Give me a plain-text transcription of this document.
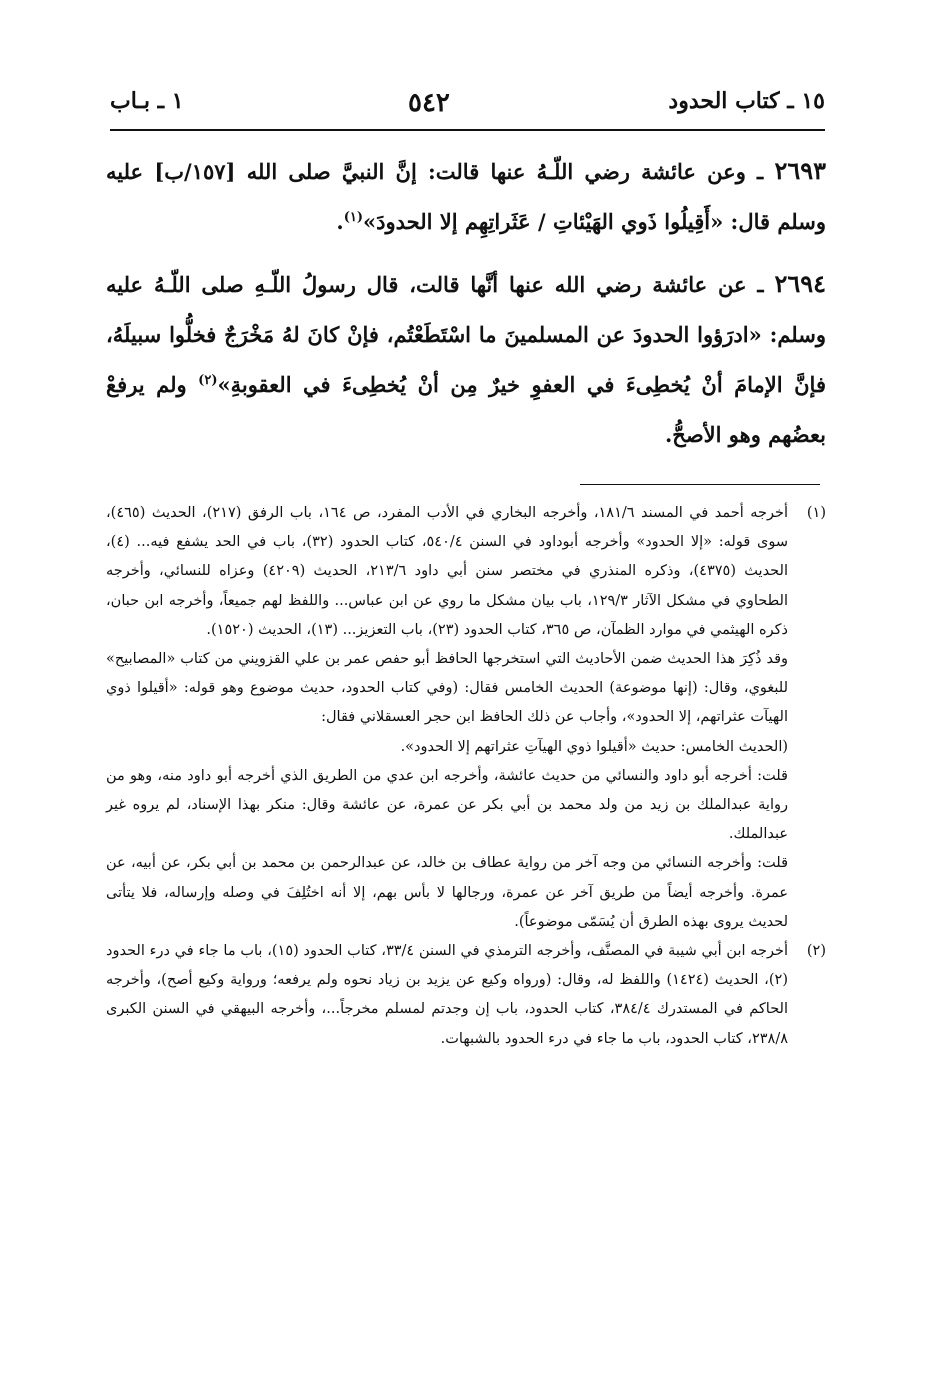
١ ـ بـاب	٥٤٢	١٥ ـ كتاب الحدود
٢٦٩٣ ـ وعن عائشة رضي اللّـهُ عنها قالت: إنَّ النبيَّ صلى الله [١٥٧/ب] عليه وسلم قال: «أَقِيلُوا ذَوي الهَيْئاتِ / عَثَراتِهِم إلا الحدودَ»$^{(١)}$.
٢٦٩٤ ـ عن عائشة رضي الله عنها أنَّها قالت، قال رسولُ اللّـهِ صلى اللّـهُ عليه وسلم: «ادرَؤوا الحدودَ عن المسلمينَ ما اسْتَطَعْتُم، فإنْ كانَ لهُ مَخْرَجٌ فخلُّوا سبيلَهُ، فإنَّ الإمامَ أنْ يُخطِىءَ في العفوِ خيرٌ مِن أنْ يُخطِىءَ في العقوبةِ»$^{(٢)}$ ولم يرفعْ بعضُهم وهو الأصحُّ.
(١)

أخرجه أحمد في المسند ١٨١/٦، وأخرجه البخاري في الأدب المفرد، ص ١٦٤، باب الرفق (٢١٧)، الحديث (٤٦٥)، سوى قوله: «إلا الحدود» وأخرجه أبوداود في السنن ٥٤٠/٤، كتاب الحدود (٣٢)، باب في الحد يشفع فيه... (٤)، الحديث (٤٣٧٥)، وذكره المنذري في مختصر سنن أبي داود ٢١٣/٦، الحديث (٤٢٠٩) وعزاه للنسائي، وأخرجه الطحاوي في مشكل الآثار ١٢٩/٣، باب بيان مشكل ما روي عن ابن عباس... واللفظ لهم جميعاً، وأخرجه ابن حبان، ذكره الهيثمي في موارد الظمآن، ص ٣٦٥، كتاب الحدود (٢٣)، باب التعزيز... (١٣)، الحديث (١٥٢٠).

وقد ذُكِرَ هذا الحديث ضمن الأحاديث التي استخرجها الحافظ أبو حفص عمر بن علي القزويني من كتاب «المصابيح» للبغوي، وقال: (إنها موضوعة) الحديث الخامس فقال: (وفي كتاب الحدود، حديث موضوع وهو قوله: «أقيلوا ذوي الهيآت عثراتهم، إلا الحدود»، وأجاب عن ذلك الحافظ ابن حجر العسقلاني فقال:

(الحديث الخامس: حديث «أقيلوا ذوي الهيآتِ عثراتهم إلا الحدود».

قلت: أخرجه أبو داود والنسائي من حديث عائشة، وأخرجه ابن عدي من الطريق الذي أخرجه أبو داود منه، وهو من رواية عبدالملك بن زيد من ولد محمد بن أبي بكر عن عمرة، عن عائشة وقال: منكر بهذا الإسناد، لم يروه غير عبدالملك.

قلت: وأخرجه النسائي من وجه آخر من رواية عطاف بن خالد، عن عبدالرحمن بن محمد بن أبي بكر، عن أبيه، عن عمرة. وأخرجه أيضاً من طريق آخر عن عمرة، ورجالها لا بأس بهم، إلا أنه اختُلِفَ في وصله وإرساله، فلا يتأتى لحديث يروى بهذه الطرق أن يُسَمّى موضوعاً).

(٢)

أخرجه ابن أبي شيبة في المصنَّف، وأخرجه الترمذي في السنن ٣٣/٤، كتاب الحدود (١٥)، باب ما جاء في درء الحدود (٢)، الحديث (١٤٢٤) واللفظ له، وقال: (ورواه وكيع عن يزيد بن زياد نحوه ولم يرفعه؛ ورواية وكيع أصح)، وأخرجه الحاكم في المستدرك ٣٨٤/٤، كتاب الحدود، باب إن وجدتم لمسلم مخرجاً...، وأخرجه البيهقي في السنن الكبرى ٢٣٨/٨، كتاب الحدود، باب ما جاء في درء الحدود بالشبهات.
